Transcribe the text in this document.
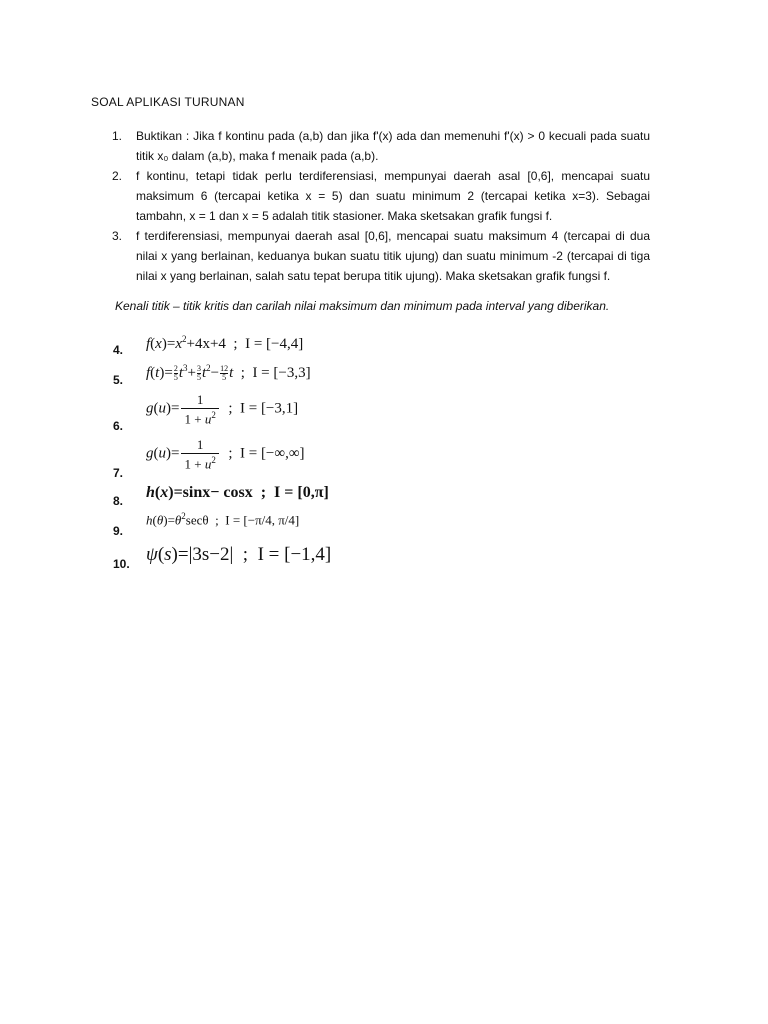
SOAL APLIKASI TURUNAN
1. Buktikan : Jika f kontinu pada (a,b) dan jika f'(x) ada dan memenuhi f'(x) > 0 kecuali pada suatu titik x₀ dalam (a,b), maka f menaik pada (a,b).
2. f kontinu, tetapi tidak perlu terdiferensiasi, mempunyai daerah asal [0,6], mencapai suatu maksimum 6 (tercapai ketika x = 5) dan suatu minimum 2 (tercapai ketika x=3). Sebagai tambahn, x = 1 dan x = 5 adalah titik stasioner. Maka sketsakan grafik fungsi f.
3. f terdiferensiasi, mempunyai daerah asal [0,6], mencapai suatu maksimum 4 (tercapai di dua nilai x yang berlainan, keduanya bukan suatu titik ujung) dan suatu minimum -2 (tercapai di tiga nilai x yang berlainan, salah satu tepat berupa titik ujung). Maka sketsakan grafik fungsi f.
Kenali titik – titik kritis dan carilah nilai maksimum dan minimum pada interval yang diberikan.
4. $f(x)=x^2+4x+4$  ;  I = [−4,4]
5. $f(t)= \frac{2}{5} t^3+ \frac{3}{5} t^2- \frac{12}{5}$ t  ;  I = [−3,3]
6.
$g(u)= \frac{1}{1 + u^2}$ ;  I = [−3,1]
7.
$g(u)= \frac{1}{1 + u^2}$ ;  I = [−∞,∞]
8. h(x)=sinx− cosx  ;  I = [0,π]
9.
$h(\theta)=\theta^2\sec\theta$  ;  I = [−π/4, π/4]
10. ψ(s)=|3s−2|  ;  I = [−1,4]
